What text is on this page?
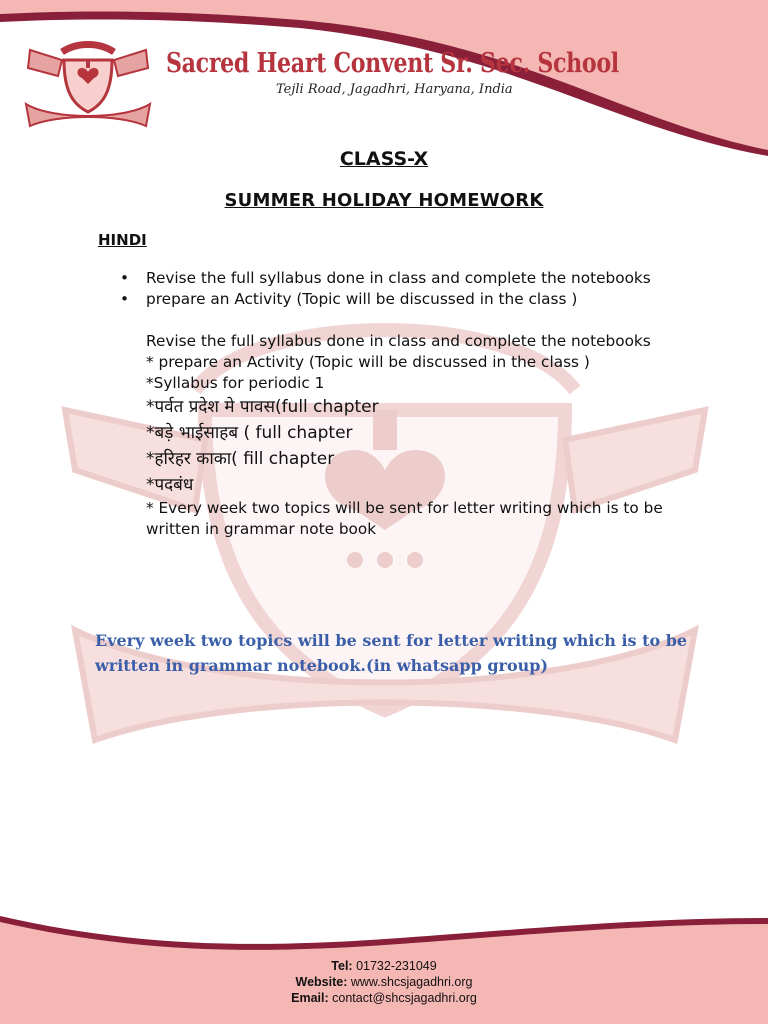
Sacred Heart Convent Sr. Sec. School
Tejli Road, Jagadhri, Haryana, India
CLASS-X
SUMMER HOLIDAY HOMEWORK
HINDI
• Revise the full syllabus done in class and complete the notebooks
• prepare an Activity (Topic will be discussed in the class )
Revise the full syllabus done in class and complete the notebooks
* prepare an Activity (Topic will be discussed in the class )
*Syllabus for periodic 1
*पर्वत प्रदेश मे पावस(full chapter
*बड़े भाईसाहब ( full chapter
*हरिहर काका( fill chapter
*पदबंध
* Every week two topics will be sent for letter writing which is to be written in grammar note book
Every week two topics will be sent for letter writing which is to be written in grammar notebook.(in whatsapp group)
Tel: 01732-231049
Website: www.shcsjagadhri.org
Email: contact@shcsjagadhri.org
